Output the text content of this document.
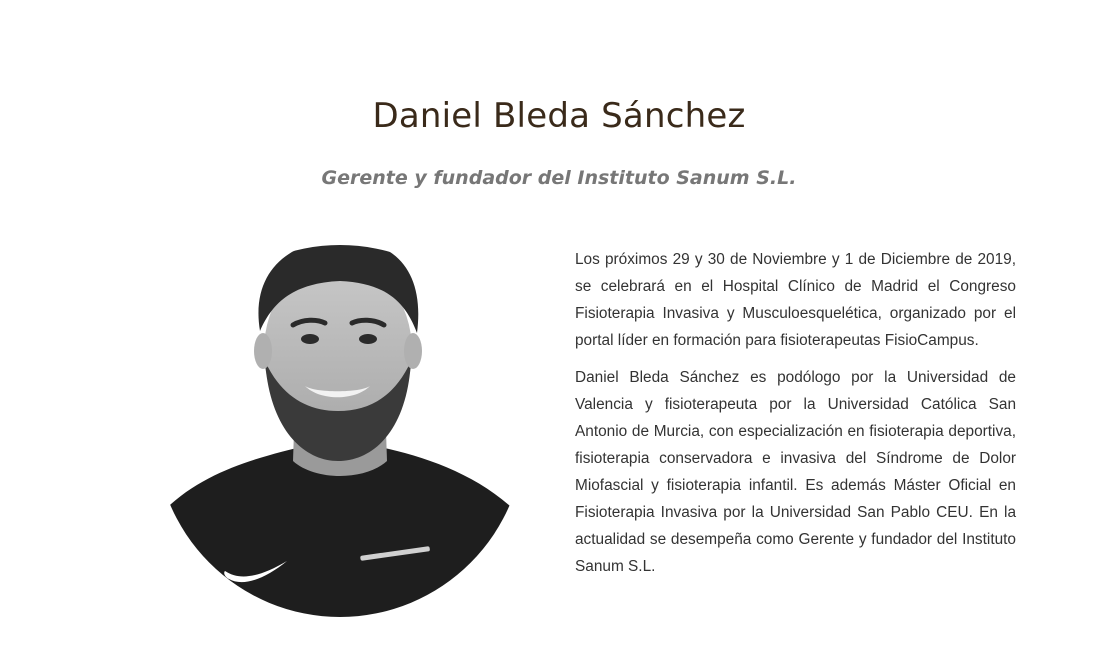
Daniel Bleda Sánchez
Gerente y fundador del Instituto Sanum S.L.

Los próximos 29 y 30 de Noviembre y 1 de Diciembre de 2019, se celebrará en el Hospital Clínico de Madrid el Congreso Fisioterapia Invasiva y Musculoesquelética, organizado por el portal líder en formación para fisioterapeutas FisioCampus.

Daniel Bleda Sánchez es podólogo por la Universidad de Valencia y fisioterapeuta por la Universidad Católica San Antonio de Murcia, con especialización en fisioterapia deportiva, fisioterapia conservadora e invasiva del Síndrome de Dolor Miofascial y fisioterapia infantil. Es además Máster Oficial en Fisioterapia Invasiva por la Universidad San Pablo CEU. En la actualidad se desempeña como Gerente y fundador del Instituto Sanum S.L.
